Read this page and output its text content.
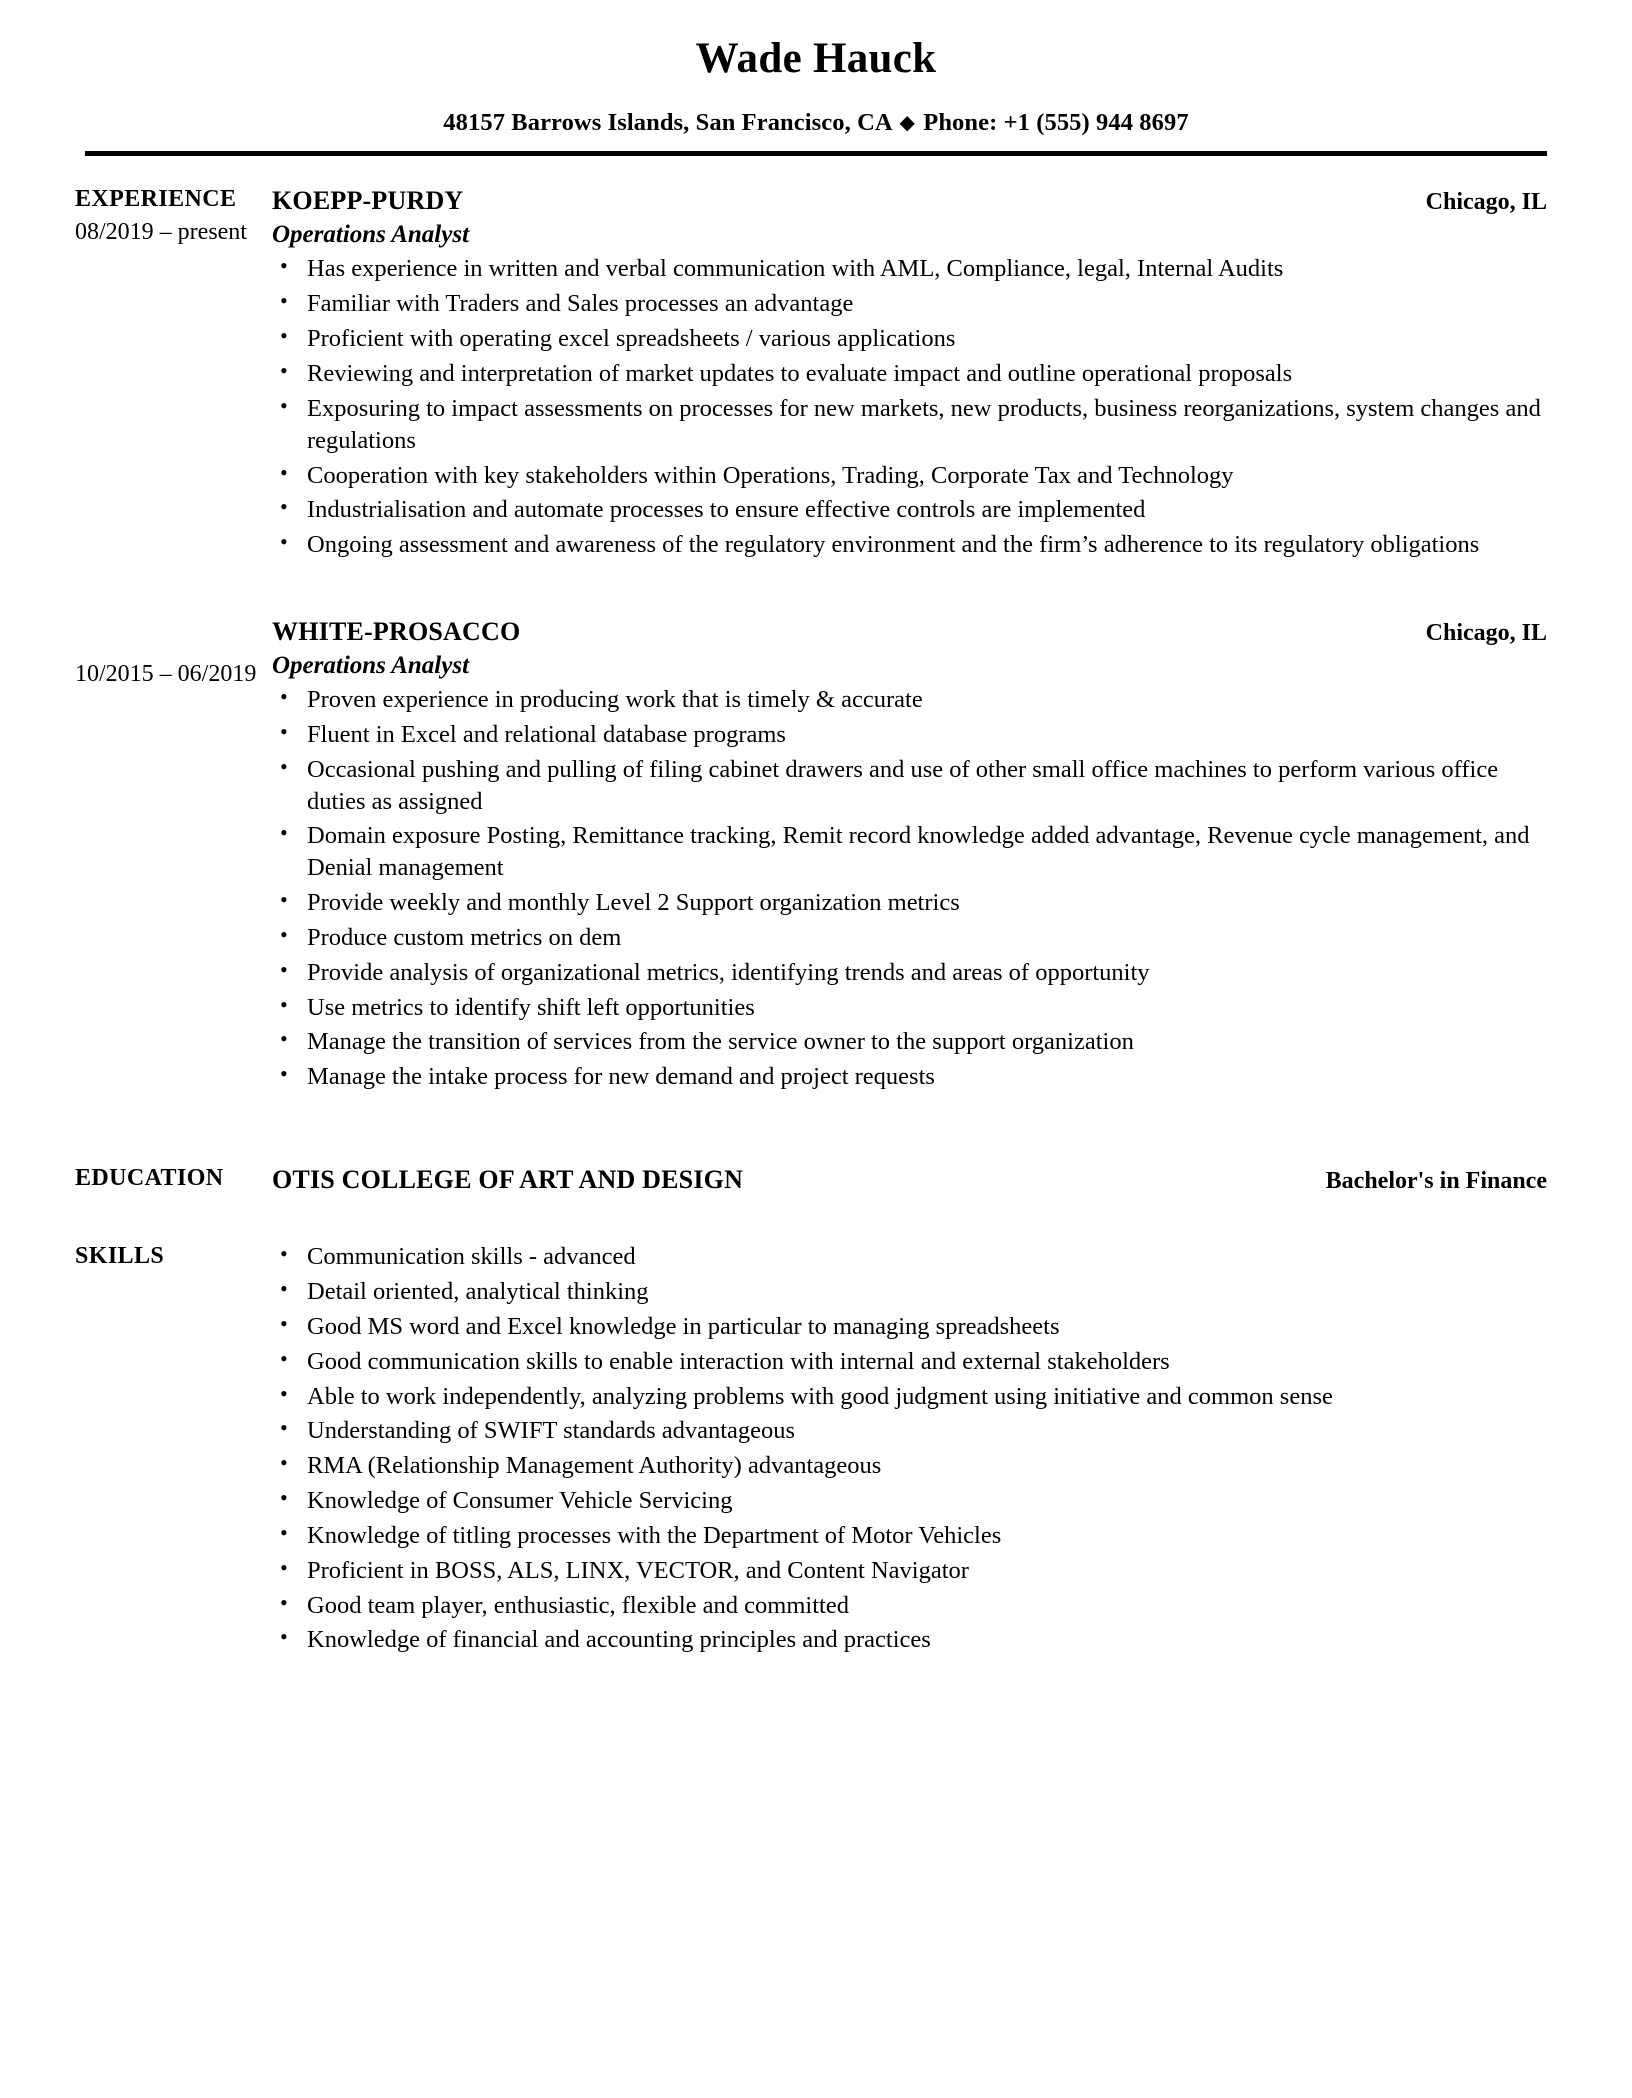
Wade Hauck
48157 Barrows Islands, San Francisco, CA ◆ Phone: +1 (555) 944 8697
EXPERIENCE
08/2019 – present
KOEPP-PURDY	Chicago, IL
Operations Analyst
• Has experience in written and verbal communication with AML, Compliance, legal, Internal Audits
• Familiar with Traders and Sales processes an advantage
• Proficient with operating excel spreadsheets / various applications
• Reviewing and interpretation of market updates to evaluate impact and outline operational proposals
• Exposuring to impact assessments on processes for new markets, new products, business reorganizations, system changes and regulations
• Cooperation with key stakeholders within Operations, Trading, Corporate Tax and Technology
• Industrialisation and automate processes to ensure effective controls are implemented
• Ongoing assessment and awareness of the regulatory environment and the firm’s adherence to its regulatory obligations
10/2015 – 06/2019
WHITE-PROSACCO	Chicago, IL
Operations Analyst
• Proven experience in producing work that is timely & accurate
• Fluent in Excel and relational database programs
• Occasional pushing and pulling of filing cabinet drawers and use of other small office machines to perform various office duties as assigned
• Domain exposure Posting, Remittance tracking, Remit record knowledge added advantage, Revenue cycle management, and Denial management
• Provide weekly and monthly Level 2 Support organization metrics
• Produce custom metrics on dem
• Provide analysis of organizational metrics, identifying trends and areas of opportunity
• Use metrics to identify shift left opportunities
• Manage the transition of services from the service owner to the support organization
• Manage the intake process for new demand and project requests
EDUCATION	OTIS COLLEGE OF ART AND DESIGN	Bachelor's in Finance
SKILLS	• Communication skills - advanced
• Detail oriented, analytical thinking
• Good MS word and Excel knowledge in particular to managing spreadsheets
• Good communication skills to enable interaction with internal and external stakeholders
• Able to work independently, analyzing problems with good judgment using initiative and common sense
• Understanding of SWIFT standards advantageous
• RMA (Relationship Management Authority) advantageous
• Knowledge of Consumer Vehicle Servicing
• Knowledge of titling processes with the Department of Motor Vehicles
• Proficient in BOSS, ALS, LINX, VECTOR, and Content Navigator
• Good team player, enthusiastic, flexible and committed
• Knowledge of financial and accounting principles and practices
